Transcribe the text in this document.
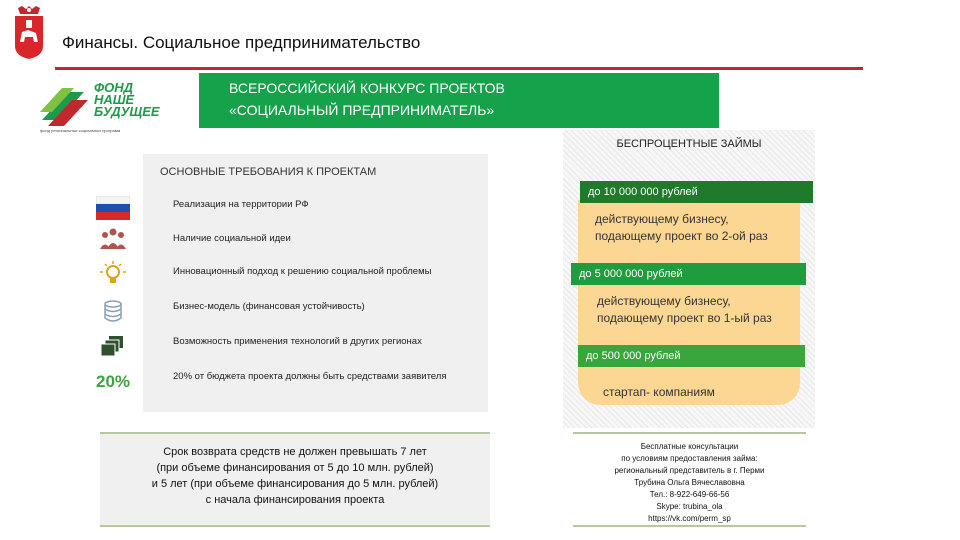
Финансы. Социальное предпринимательство
ФОНД
НАШЕ
БУДУЩЕЕ
фонд региональных социальных программ
ВСЕРОССИЙСКИЙ КОНКУРС ПРОЕКТОВ
«СОЦИАЛЬНЫЙ ПРЕДПРИНИМАТЕЛЬ»
БЕСПРОЦЕНТНЫЕ ЗАЙМЫ
до 10 000 000 рублей
действующему бизнесу,
подающему проект во 2-ой раз
до 5 000 000 рублей
действующему бизнесу,
подающему проект во 1-ый раз
до 500 000 рублей
стартап- компаниям
ОСНОВНЫЕ ТРЕБОВАНИЯ К ПРОЕКТАМ
Реализация на территории РФ
Наличие социальной идеи
Инновационный подход к решению социальной проблемы
Бизнес-модель (финансовая устойчивость)
Возможность применения технологий в других регионах
20%	20% от бюджета проекта должны быть средствами заявителя
Срок возврата средств не должен превышать 7 лет
(при объеме финансирования от 5 до 10 млн. рублей)
и 5 лет (при объеме финансирования до 5 млн. рублей)
с начала финансирования проекта
Бесплатные консультации
по условиям предоставления займа:
региональный представитель в г. Перми
Трубина Ольга Вячеславовна
Тел.: 8-922-649-66-56
Skype: trubina_ola
https://vk.com/perm_sp
